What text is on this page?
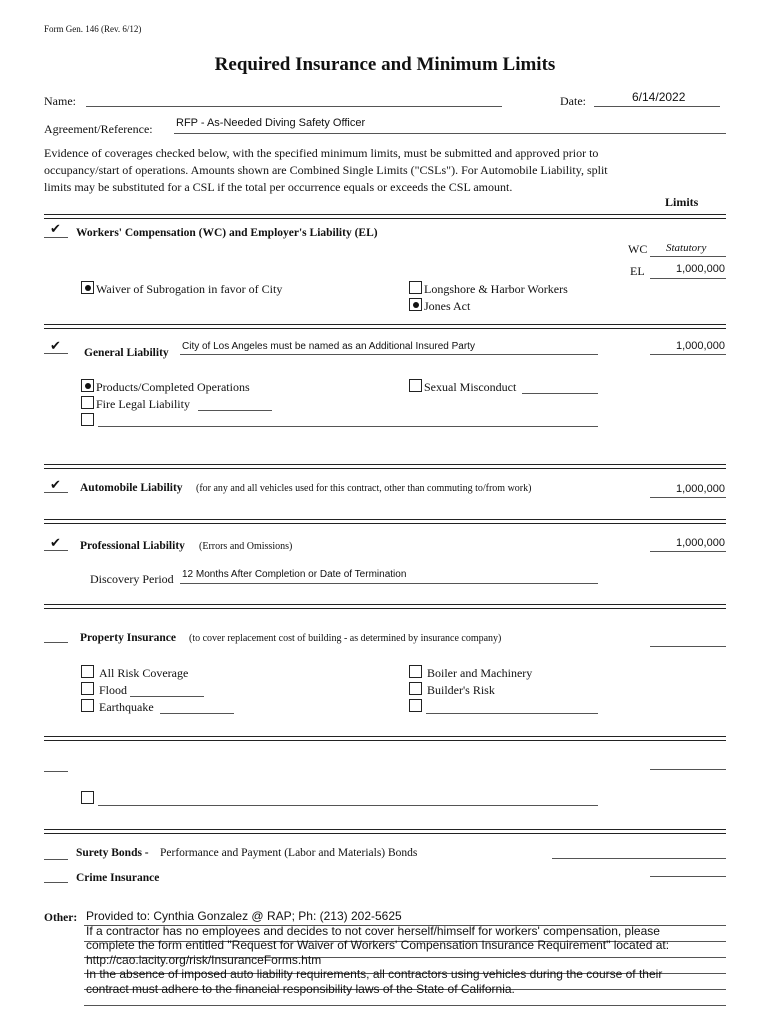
Form Gen. 146 (Rev. 6/12)
Required Insurance and Minimum Limits
Name:	Date:	6/14/2022
Agreement/Reference: RFP - As-Needed Diving Safety Officer
Evidence of coverages checked below, with the specified minimum limits, must be submitted and approved prior to
occupancy/start of operations. Amounts shown are Combined Single Limits ("CSLs"). For Automobile Liability, split
limits may be substituted for a CSL if the total per occurrence equals or exceeds the CSL amount.
Limits
✔ Workers' Compensation (WC) and Employer's Liability (EL)
WC Statutory
EL	1,000,000
Waiver of Subrogation in favor of City	Longshore & Harbor Workers
Jones Act
✔ General Liability
City of Los Angeles must be named as an Additional Insured Party	1,000,000
Products/Completed Operations	Sexual Misconduct
Fire Legal Liability
✔ Automobile Liability (for any and all vehicles used for this contract, other than commuting to/from work)	1,000,000
✔ Professional Liability (Errors and Omissions)	1,000,000
Discovery Period 12 Months After Completion or Date of Termination
Property Insurance (to cover replacement cost of building - as determined by insurance company)
All Risk Coverage
Flood
Earthquake
Boiler and Machinery
Builder's Risk
Surety Bonds - Performance and Payment (Labor and Materials) Bonds
Crime Insurance
Other: Provided to: Cynthia Gonzalez @ RAP; Ph: (213) 202-5625
If a contractor has no employees and decides to not cover herself/himself for workers' compensation, please
complete the form entitled "Request for Waiver of Workers' Compensation Insurance Requirement" located at:
http://cao.lacity.org/risk/InsuranceForms.htm
In the absence of imposed auto liability requirements, all contractors using vehicles during the course of their
contract must adhere to the financial responsibility laws of the State of California.
